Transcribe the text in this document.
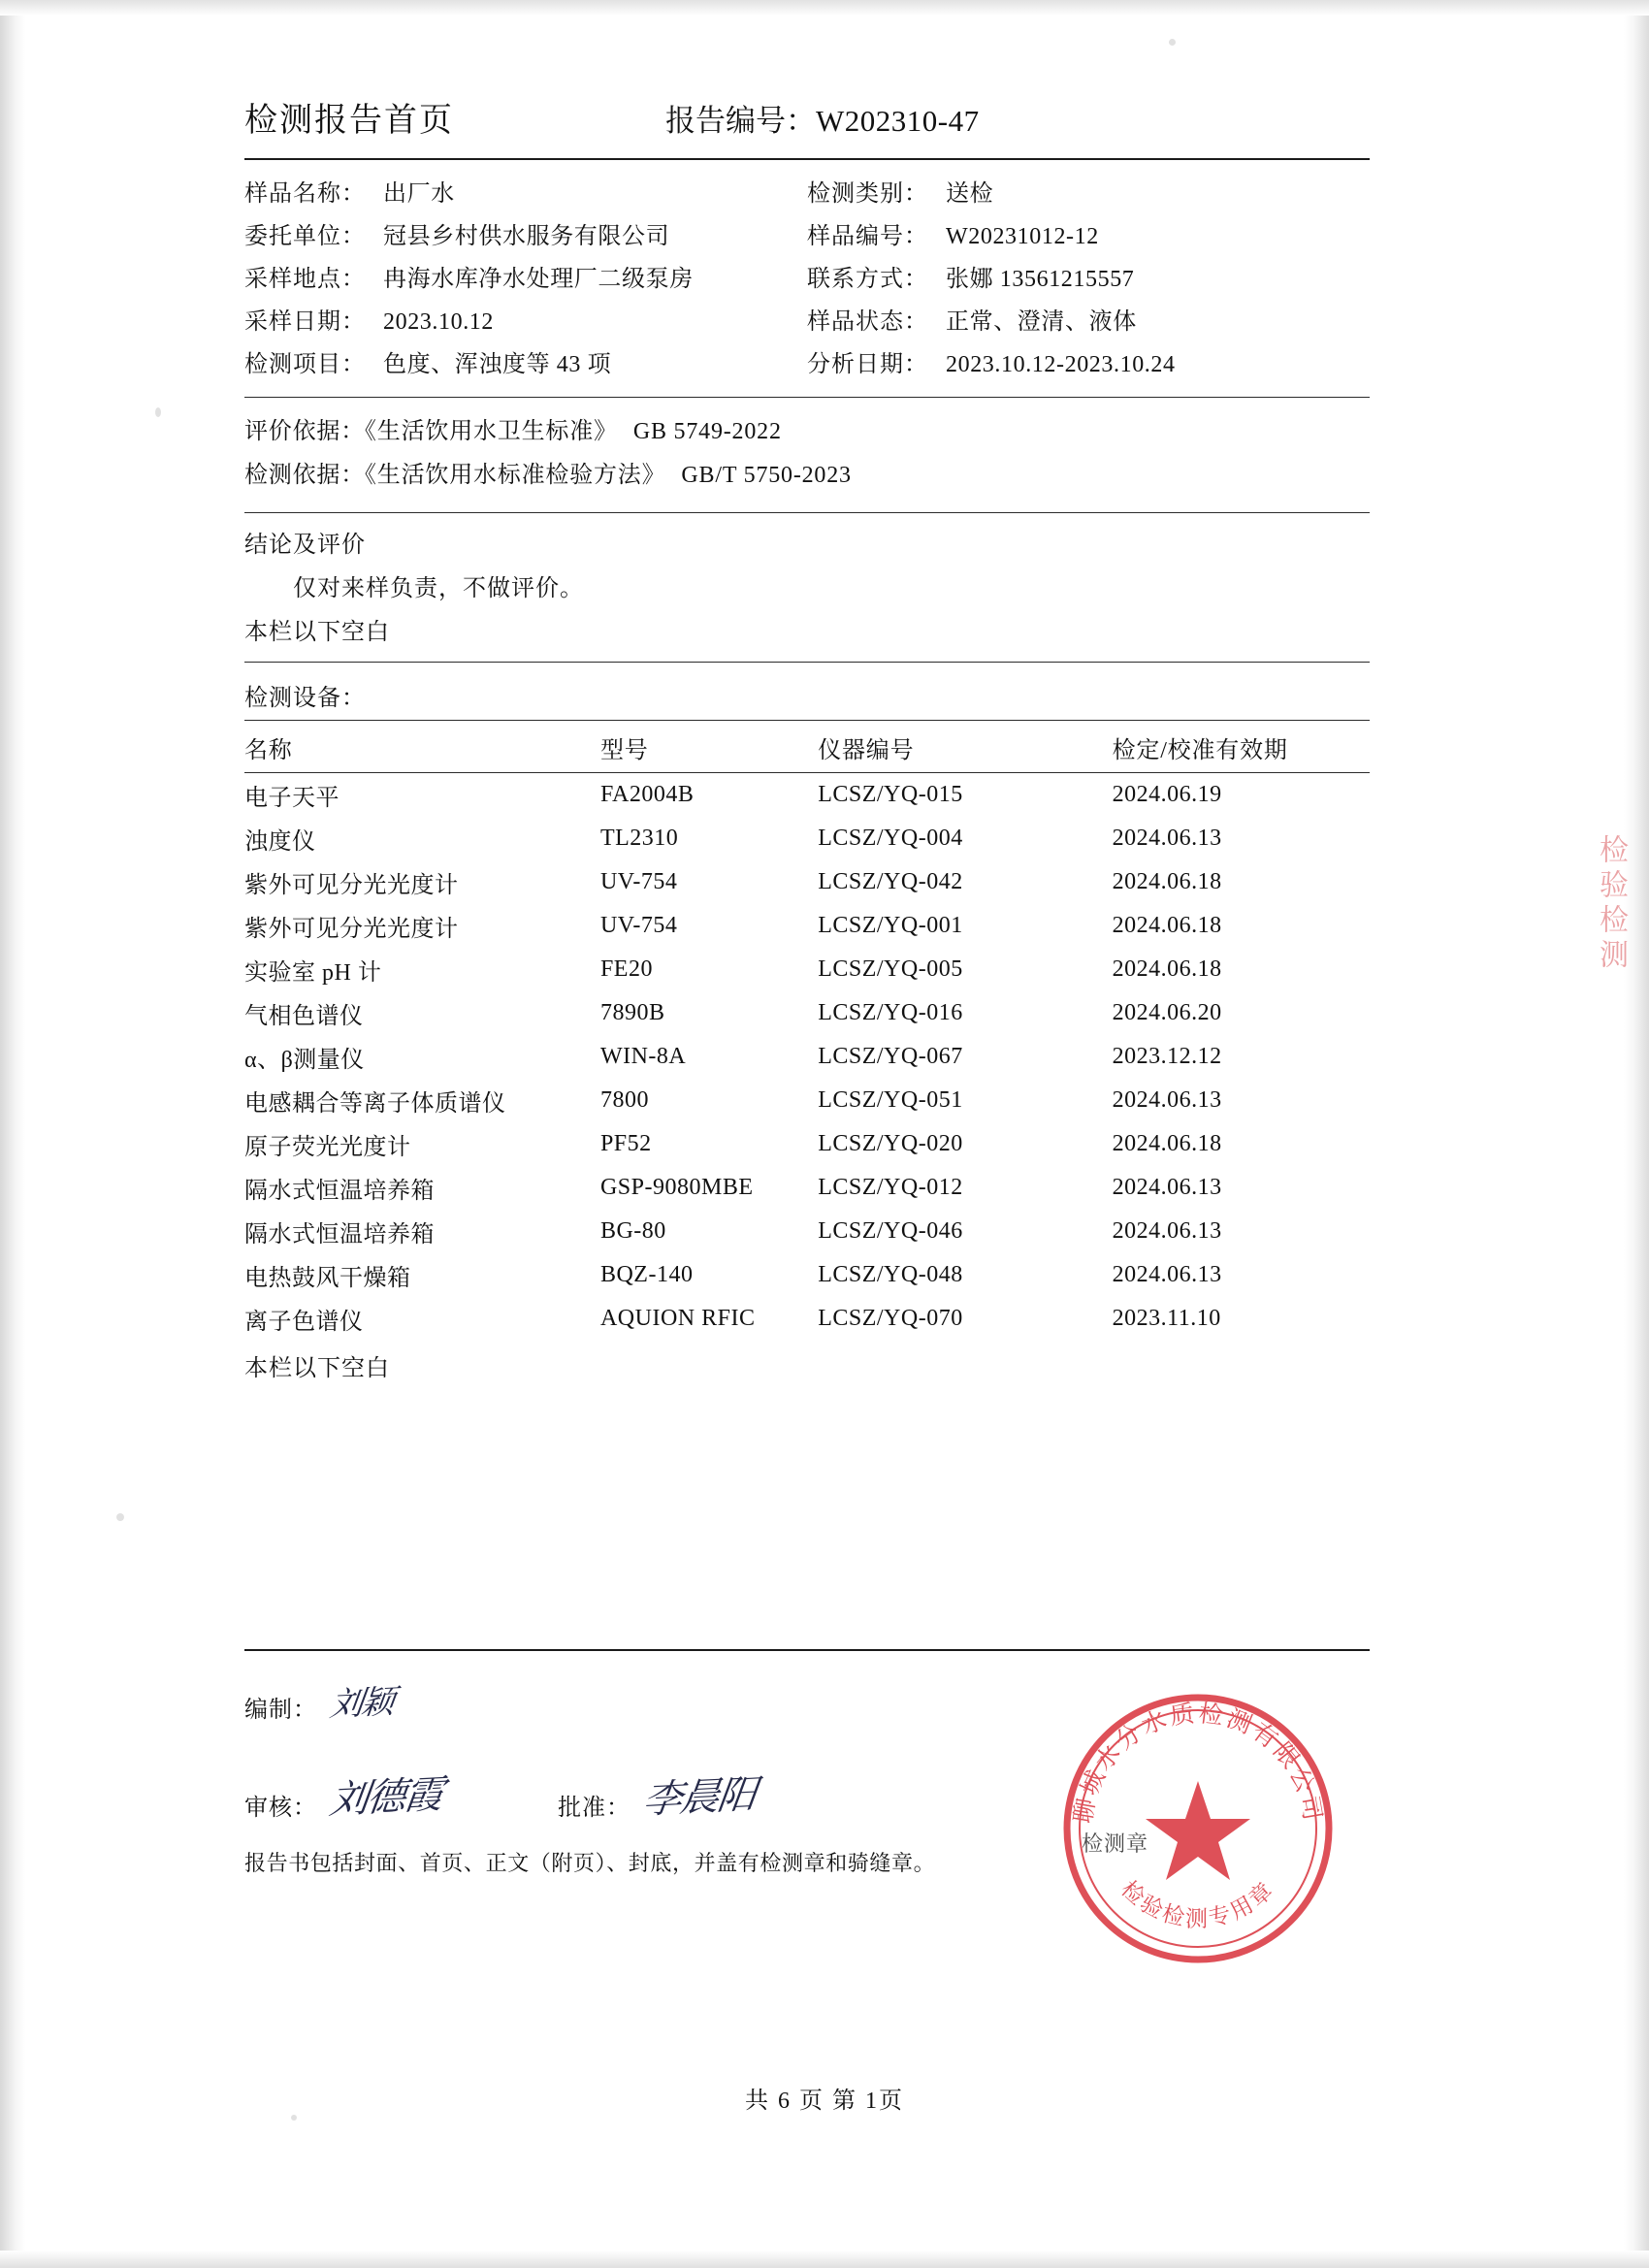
检测报告首页	报告编号：W202310-47
样品名称： 出厂水	检测类别： 送检
委托单位： 冠县乡村供水服务有限公司	样品编号： W20231012-12
采样地点： 冉海水库净水处理厂二级泵房	联系方式： 张娜 13561215557
采样日期： 2023.10.12	样品状态： 正常、澄清、液体
检测项目： 色度、浑浊度等 43 项	分析日期： 2023.10.12-2023.10.24
评价依据：《生活饮用水卫生标准》 GB 5749-2022
检测依据：《生活饮用水标准检验方法》 GB/T 5750-2023
结论及评价
仅对来样负责，不做评价。
本栏以下空白
检测设备：
名称	型号	仪器编号	检定/校准有效期
电子天平	FA2004B	LCSZ/YQ-015	2024.06.19
浊度仪	TL2310	LCSZ/YQ-004	2024.06.13
紫外可见分光光度计	UV-754	LCSZ/YQ-042	2024.06.18
紫外可见分光光度计	UV-754	LCSZ/YQ-001	2024.06.18
实验室 pH 计	FE20	LCSZ/YQ-005	2024.06.18
气相色谱仪	7890B	LCSZ/YQ-016	2024.06.20
α、β测量仪	WIN-8A	LCSZ/YQ-067	2023.12.12
电感耦合等离子体质谱仪	7800	LCSZ/YQ-051	2024.06.13
原子荧光光度计	PF52	LCSZ/YQ-020	2024.06.18
隔水式恒温培养箱	GSP-9080MBE	LCSZ/YQ-012	2024.06.13
隔水式恒温培养箱	BG-80	LCSZ/YQ-046	2024.06.13
电热鼓风干燥箱	BQZ-140	LCSZ/YQ-048	2024.06.13
离子色谱仪	AQUION RFIC	LCSZ/YQ-070	2023.11.10
本栏以下空白
检验检测
编制： 刘颖
审核： 刘德霞	批准： 李晨阳
报告书包括封面、首页、正文（附页）、封底，并盖有检测章和骑缝章。
聊城水分水质检测有限公司
检验检测专用章
检测章
共 6 页 第 1页
